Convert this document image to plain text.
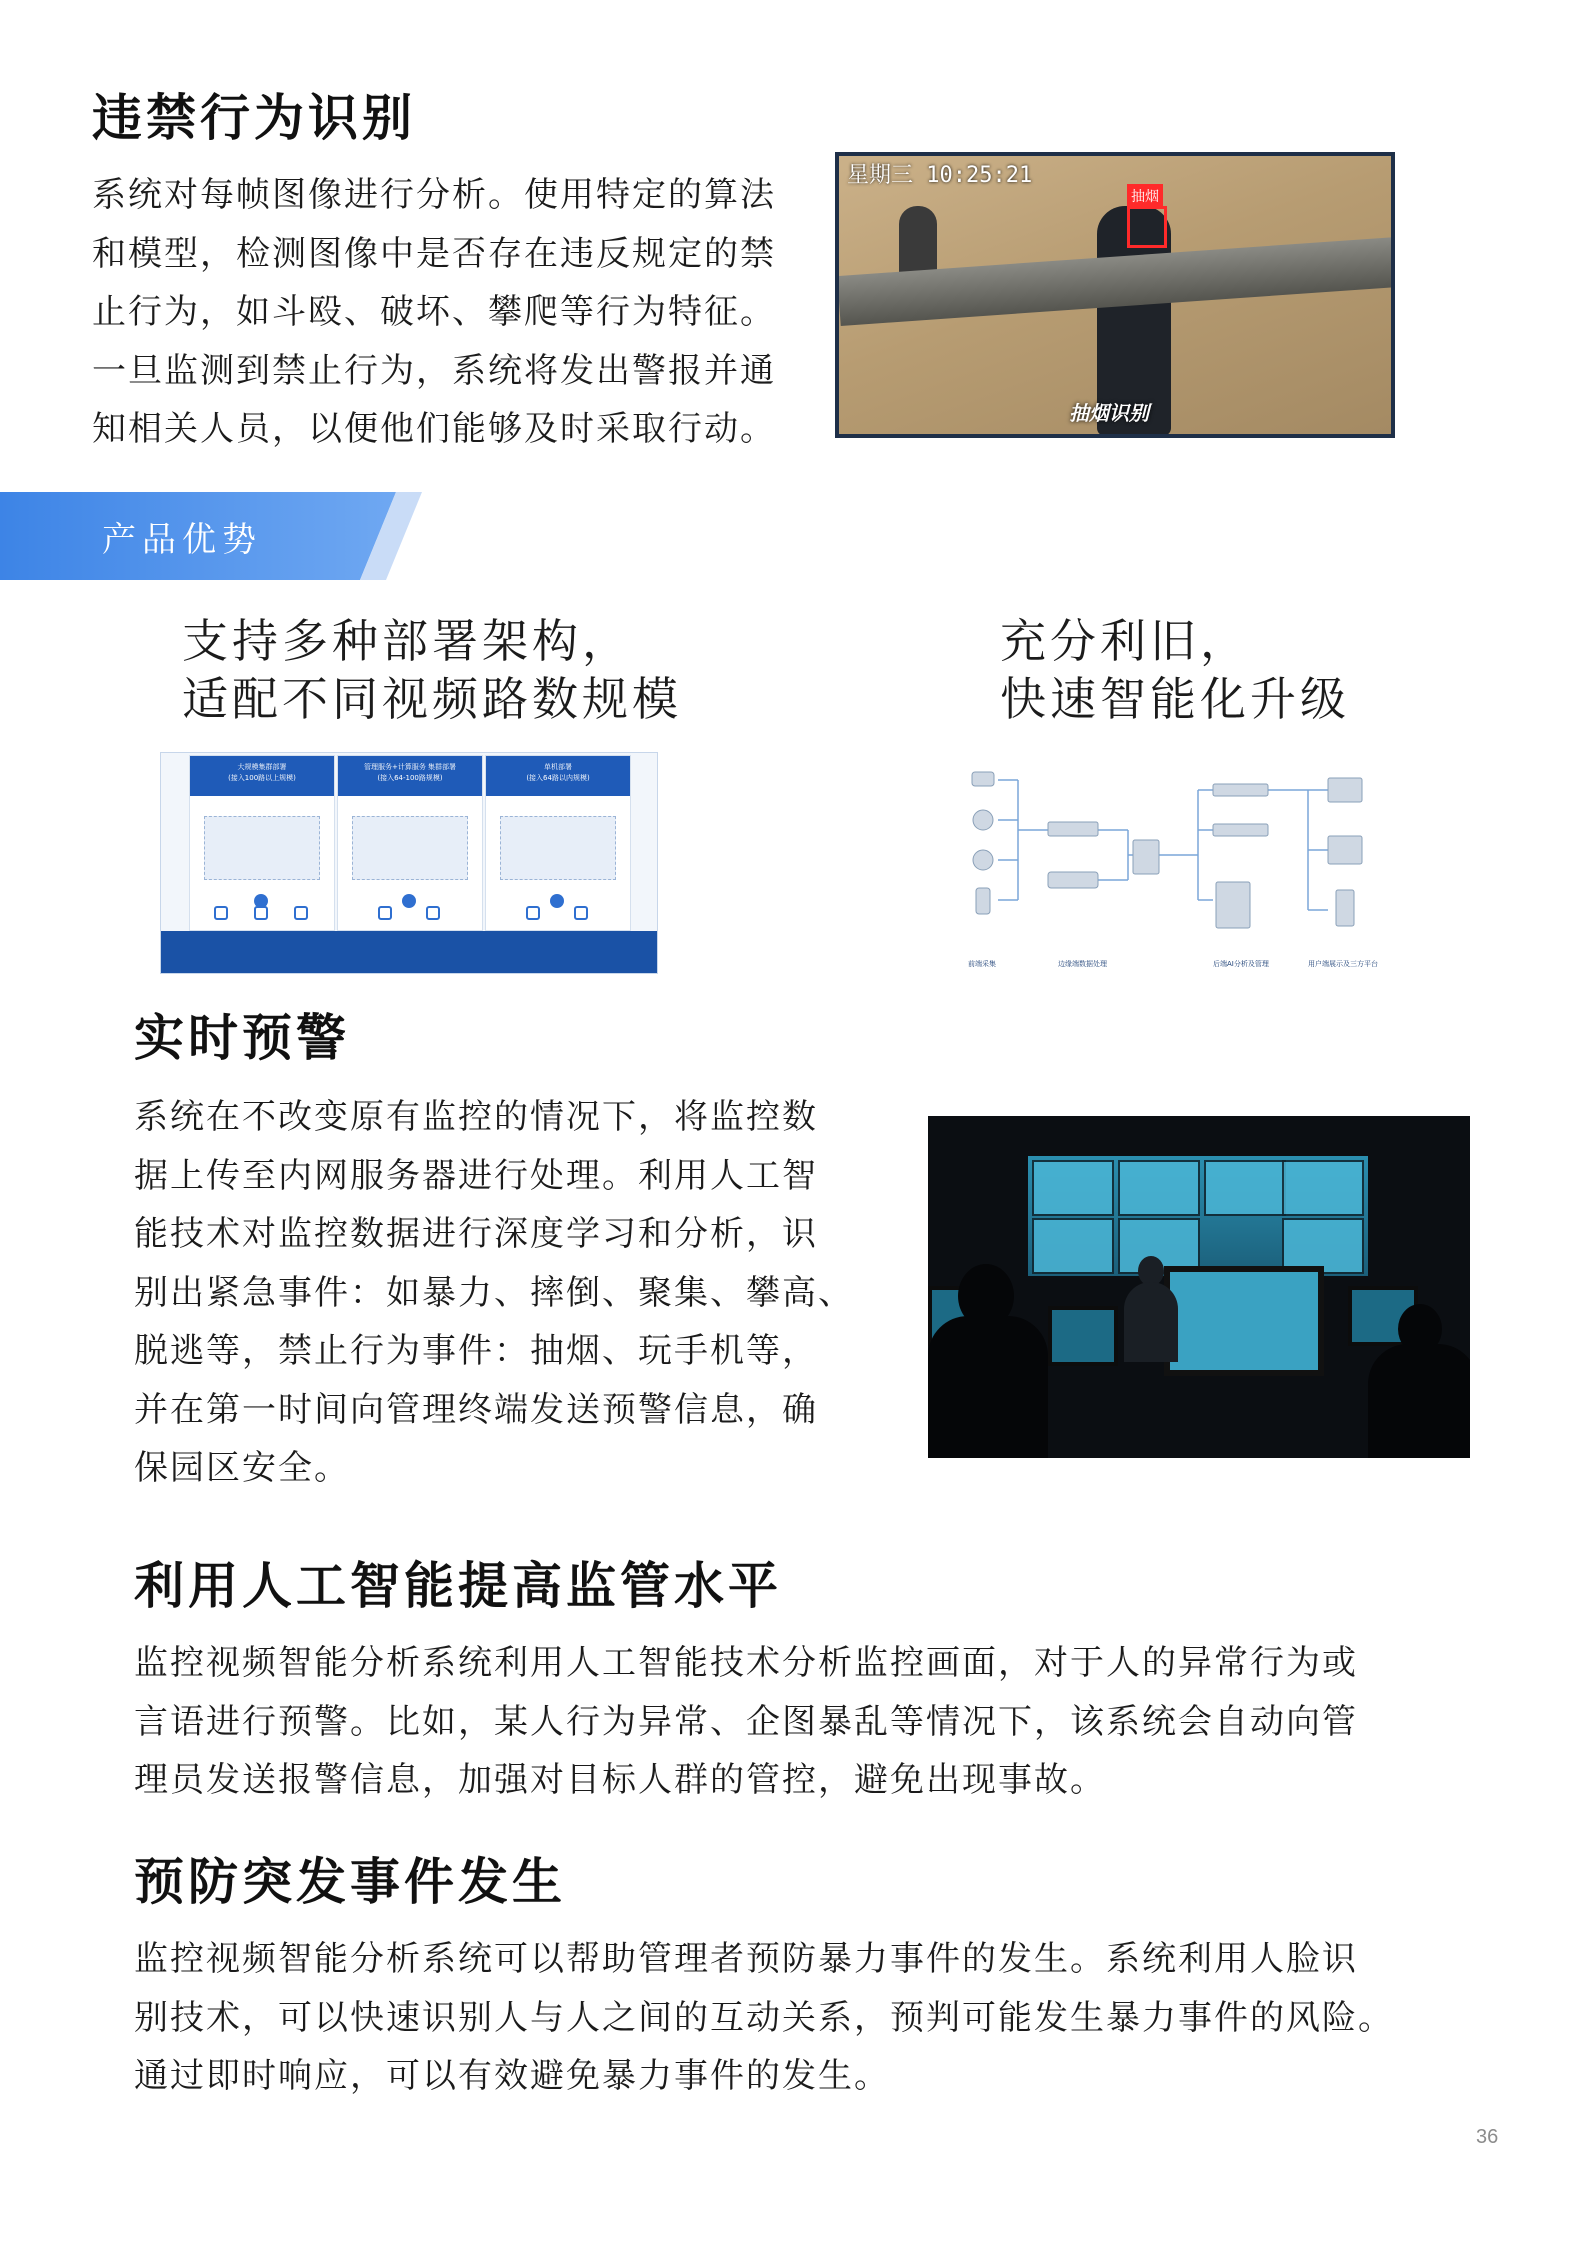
违禁行为识别
系统对每帧图像进行分析。使用特定的算法
和模型，检测图像中是否存在违反规定的禁
止行为，如斗殴、破坏、攀爬等行为特征。
一旦监测到禁止行为，系统将发出警报并通
知相关人员，以便他们能够及时采取行动。
抽烟
星期三 10:25:21
抽烟识别
产品优势
支持多种部署架构，
适配不同视频路数规模
充分利旧，
快速智能化升级
大规模集群部署
(接入100路以上规模)
管理服务+计算服务 集群部署
(接入64-100路规模)
单机部署
(接入64路以内规模)
前端采集	边缘端数据处理	后端AI分析及管理	用户端展示及三方平台
实时预警
系统在不改变原有监控的情况下，将监控数
据上传至内网服务器进行处理。利用人工智
能技术对监控数据进行深度学习和分析，识
别出紧急事件：如暴力、摔倒、聚集、攀高、
脱逃等，禁止行为事件：抽烟、玩手机等，
并在第一时间向管理终端发送预警信息，确
保园区安全。
利用人工智能提高监管水平
监控视频智能分析系统利用人工智能技术分析监控画面，对于人的异常行为或
言语进行预警。比如，某人行为异常、企图暴乱等情况下，该系统会自动向管
理员发送报警信息，加强对目标人群的管控，避免出现事故。
预防突发事件发生
监控视频智能分析系统可以帮助管理者预防暴力事件的发生。系统利用人脸识
别技术，可以快速识别人与人之间的互动关系，预判可能发生暴力事件的风险。
通过即时响应，可以有效避免暴力事件的发生。
36
